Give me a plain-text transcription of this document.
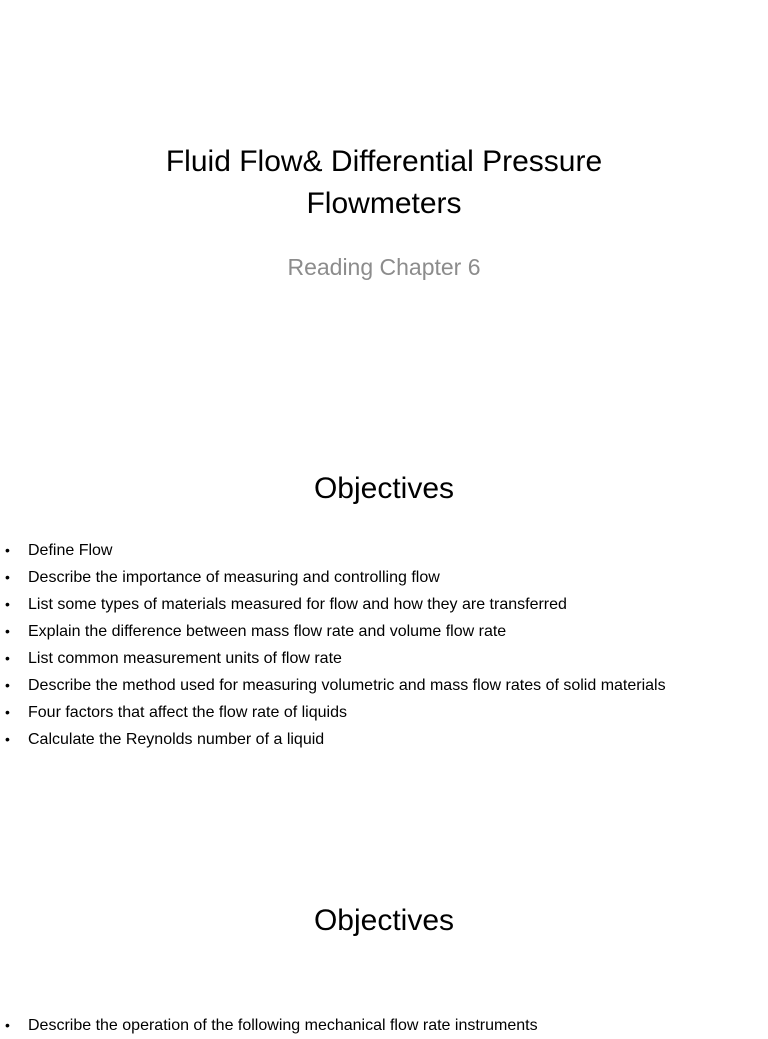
Fluid Flow& Differential Pressure
Flowmeters
Reading Chapter 6
Objectives
• Define Flow
• Describe the importance of measuring and controlling flow
• List some types of materials measured for flow and how they are transferred
• Explain the difference between mass flow rate and volume flow rate
• List common measurement units of flow rate
• Describe the method used for measuring volumetric and mass flow rates of solid materials
• Four factors that affect the flow rate of liquids
• Calculate the Reynolds number of a liquid
Objectives
• Describe the operation of the following mechanical flow rate instruments
